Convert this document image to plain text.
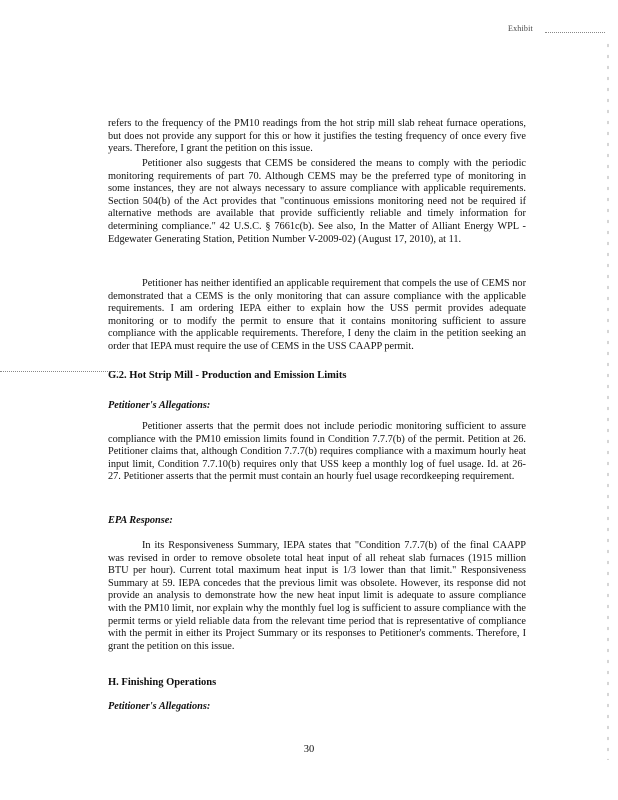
Exhibit

refers to the frequency of the PM10 readings from the hot strip mill slab reheat furnace operations, but does not provide any support for this or how it justifies the testing frequency of once every five years. Therefore, I grant the petition on this issue.

Petitioner also suggests that CEMS be considered the means to comply with the periodic monitoring requirements of part 70. Although CEMS may be the preferred type of monitoring in some instances, they are not always necessary to assure compliance with applicable requirements. Section 504(b) of the Act provides that "continuous emissions monitoring need not be required if alternative methods are available that provide sufficiently reliable and timely information for determining compliance." 42 U.S.C. § 7661c(b). See also, In the Matter of Alliant Energy WPL - Edgewater Generating Station, Petition Number V-2009-02) (August 17, 2010), at 11.

Petitioner has neither identified an applicable requirement that compels the use of CEMS nor demonstrated that a CEMS is the only monitoring that can assure compliance with the applicable requirements. I am ordering IEPA either to explain how the USS permit provides adequate monitoring or to modify the permit to ensure that it contains monitoring sufficient to assure compliance with the applicable requirements. Therefore, I deny the claim in the petition seeking an order that IEPA must require the use of CEMS in the USS CAAPP permit.

G.2. Hot Strip Mill - Production and Emission Limits
Petitioner's Allegations:

Petitioner asserts that the permit does not include periodic monitoring sufficient to assure compliance with the PM10 emission limits found in Condition 7.7.7(b) of the permit. Petition at 26. Petitioner claims that, although Condition 7.7.7(b) requires compliance with a maximum hourly heat input limit, Condition 7.7.10(b) requires only that USS keep a monthly log of fuel usage. Id. at 26-27. Petitioner asserts that the permit must contain an hourly fuel usage recordkeeping requirement.

EPA Response:

In its Responsiveness Summary, IEPA states that "Condition 7.7.7(b) of the final CAAPP was revised in order to remove obsolete total heat input of all reheat slab furnaces (1915 million BTU per hour). Current total maximum heat input is 1/3 lower than that limit." Responsiveness Summary at 59. IEPA concedes that the previous limit was obsolete. However, its response did not provide an analysis to demonstrate how the new heat input limit is adequate to assure compliance with the PM10 limit, nor explain why the monthly fuel log is sufficient to assure compliance with the permit terms or yield reliable data from the relevant time period that is representative of compliance with the permit in either its Project Summary or its responses to Petitioner's comments. Therefore, I grant the petition on this issue.

H. Finishing Operations
Petitioner's Allegations:
30
